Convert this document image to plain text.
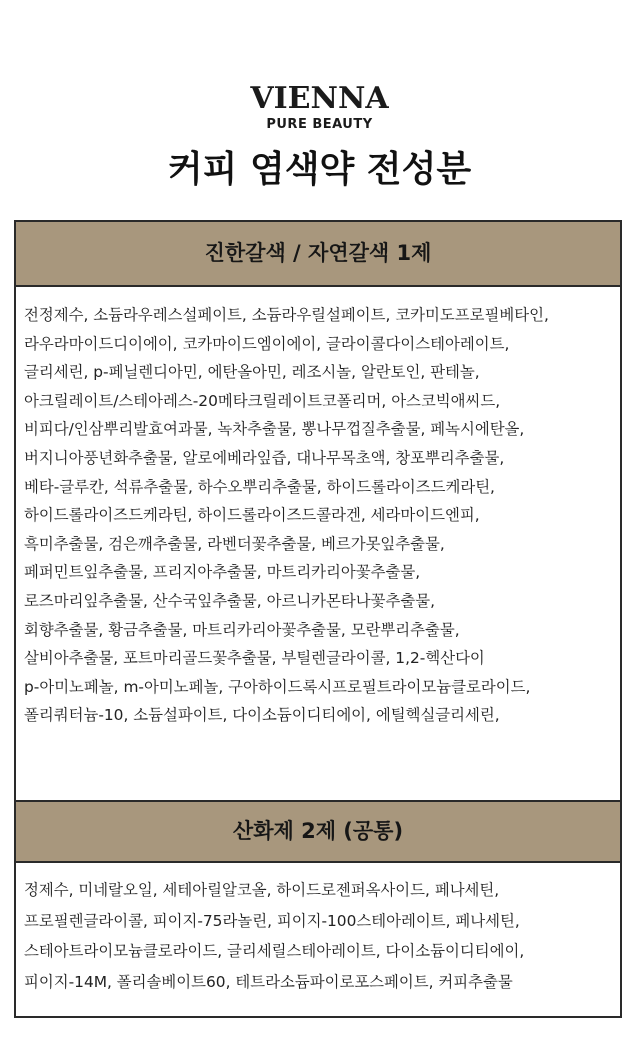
VIENNA
PURE BEAUTY
커피 염색약 전성분
진한갈색 / 자연갈색 1제
전정제수, 소듐라우레스설페이트, 소듐라우릴설페이트, 코카미도프로필베타인,
라우라마이드디이에이, 코카마이드엠이에이, 글라이콜다이스테아레이트,
글리세린, p-페닐렌디아민, 에탄올아민, 레조시놀, 알란토인, 판테놀,
아크릴레이트/스테아레스-20메타크릴레이트코폴리머, 아스코빅애씨드,
비피다/인삼뿌리발효여과물, 녹차추출물, 뽕나무껍질추출물, 페녹시에탄올,
버지니아풍년화추출물, 알로에베라잎즙, 대나무목초액, 창포뿌리추출물,
베타-글루칸, 석류추출물, 하수오뿌리추출물, 하이드롤라이즈드케라틴,
하이드롤라이즈드케라틴, 하이드롤라이즈드콜라겐, 세라마이드엔피,
흑미추출물, 검은깨추출물, 라벤더꽃추출물, 베르가못잎추출물,
페퍼민트잎추출물, 프리지아추출물, 마트리카리아꽃추출물,
로즈마리잎추출물, 산수국잎추출물, 아르니카몬타나꽃추출물,
회향추출물, 황금추출물, 마트리카리아꽃추출물, 모란뿌리추출물,
살비아추출물, 포트마리골드꽃추출물, 부틸렌글라이콜, 1,2-헥산다이
p-아미노페놀, m-아미노페놀, 구아하이드록시프로필트라이모늄클로라이드,
폴리쿼터늄-10, 소듐설파이트, 다이소듐이디티에이, 에틸헥실글리세린,
산화제 2제 (공통)
정제수, 미네랄오일, 세테아릴알코올, 하이드로젠퍼옥사이드, 페나세틴,
프로필렌글라이콜, 피이지-75라놀린, 피이지-100스테아레이트, 페나세틴,
스테아트라이모늄클로라이드, 글리세릴스테아레이트, 다이소듐이디티에이,
피이지-14M, 폴리솔베이트60, 테트라소듐파이로포스페이트, 커피추출물
